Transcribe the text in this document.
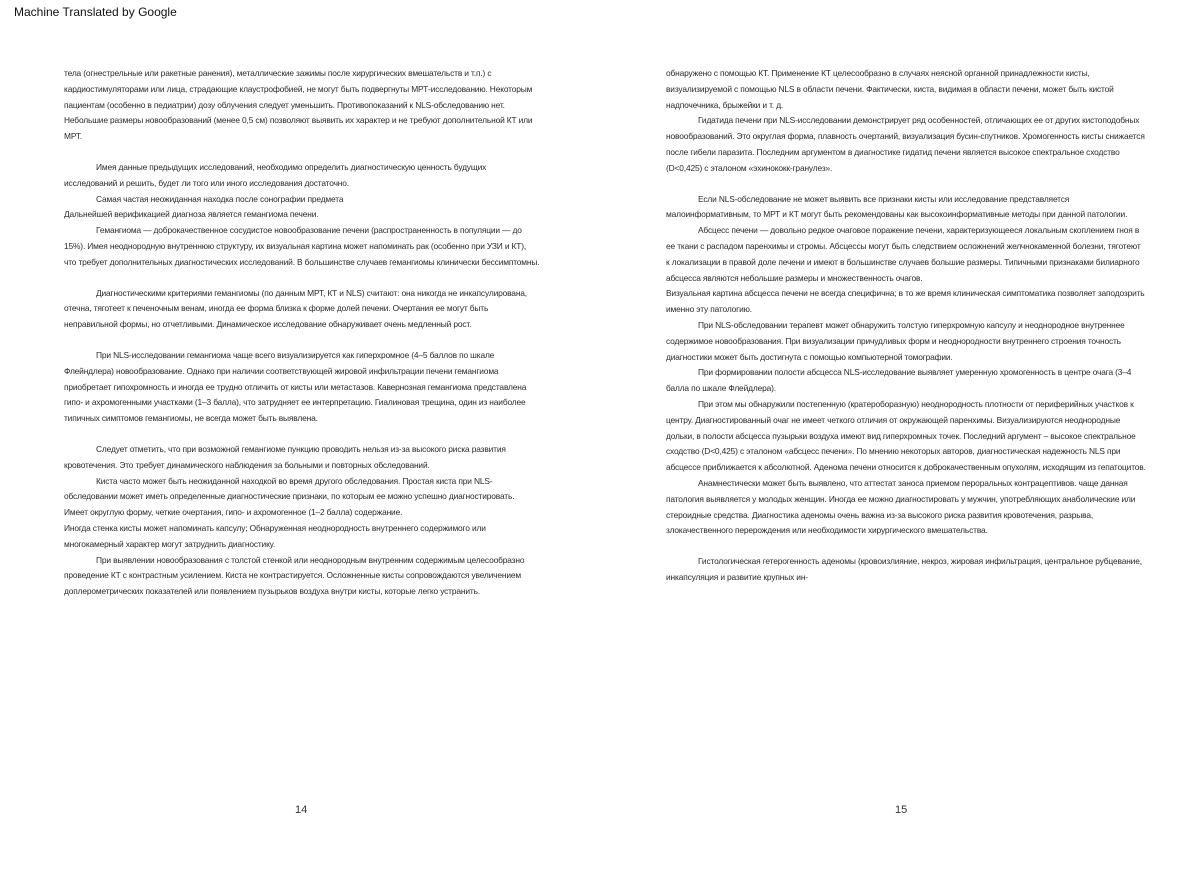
Machine Translated by Google

тела (огнестрельные или ракетные ранения), металлические зажимы после хирургических вмешательств и т.п.) с кардиостимуляторами или лица, страдающие клаустрофобией, не могут быть подвергнуты МРТ-исследованию. Некоторым пациентам (особенно в педиатрии) дозу облучения следует уменьшить. Противопоказаний к NLS-обследованию нет. Небольшие размеры новообразований (менее 0,5 см) позволяют выявить их характер и не требуют дополнительной КТ или МРТ.

Имея данные предыдущих исследований, необходимо определить диагностическую ценность будущих исследований и решить, будет ли того или иного исследования достаточно.

Самая частая неожиданная находка после сонографии предмета

Дальнейшей верификацией диагноза является гемангиома печени.

Гемангиома — доброкачественное сосудистое новообразование печени (распространенность в популяции — до 15%). Имея неоднородную внутреннюю структуру, их визуальная картина может напоминать рак (особенно при УЗИ и КТ), что требует дополнительных диагностических исследований. В большинстве случаев гемангиомы клинически бессимптомны.

Диагностическими критериями гемангиомы (по данным МРТ, КТ и NLS) считают: она никогда не инкапсулирована, отечна, тяготеет к печеночным венам, иногда ее форма близка к форме долей печени. Очертания ее могут быть неправильной формы, но отчетливыми. Динамическое исследование обнаруживает очень медленный рост.

При NLS-исследовании гемангиома чаще всего визуализируется как гиперхромное (4–5 баллов по шкале Флейндлера) новообразование. Однако при наличии соответствующей жировой инфильтрации печени гемангиома приобретает гипохромность и иногда ее трудно отличить от кисты или метастазов. Кавернозная гемангиома представлена гипо- и ахромогенными участками (1–3 балла), что затрудняет ее интерпретацию. Гиалиновая трещина, один из наиболее типичных симптомов гемангиомы, не всегда может быть выявлена.

Следует отметить, что при возможной гемангиоме пункцию проводить нельзя из-за высокого риска развития кровотечения. Это требует динамического наблюдения за больными и повторных обследований.

Киста часто может быть неожиданной находкой во время другого обследования. Простая киста при NLS-обследовании может иметь определенные диагностические признаки, по которым ее можно успешно диагностировать. Имеет округлую форму, четкие очертания, гипо- и ахромогенное (1–2 балла) содержание.

Иногда стенка кисты может напоминать капсулу; Обнаруженная неоднородность внутреннего содержимого или многокамерный характер могут затруднить диагностику.

При выявлении новообразования с толстой стенкой или неоднородным внутренним содержимым целесообразно проведение КТ с контрастным усилением. Киста не контрастируется. Осложненные кисты сопровождаются увеличением доплерометрических показателей или появлением пузырьков воздуха внутри кисты, которые легко устранить.

обнаружено с помощью КТ. Применение КТ целесообразно в случаях неясной органной принадлежности кисты, визуализируемой с помощью NLS в области печени. Фактически, киста, видимая в области печени, может быть кистой надпочечника, брыжейки и т. д.

Гидатида печени при NLS-исследовании демонстрирует ряд особенностей, отличающих ее от других кистоподобных новообразований. Это округлая форма, плавность очертаний, визуализация бусин-спутников. Хромогенность кисты снижается после гибели паразита. Последним аргументом в диагностике гидатид печени является высокое спектральное сходство (D<0,425) с эталоном «эхинококк-гранулез».

Если NLS-обследование не может выявить все признаки кисты или исследование представляется малоинформативным, то МРТ и КТ могут быть рекомендованы как высокоинформативные методы при данной патологии.

Абсцесс печени — довольно редкое очаговое поражение печени, характеризующееся локальным скоплением гноя в ее ткани с распадом паренхимы и стромы. Абсцессы могут быть следствием осложнений желчнокаменной болезни, тяготеют к локализации в правой доле печени и имеют в большинстве случаев большие размеры. Типичными признаками билиарного абсцесса являются небольшие размеры и множественность очагов.

Визуальная картина абсцесса печени не всегда специфична; в то же время клиническая симптоматика позволяет заподозрить именно эту патологию.

При NLS-обследовании терапевт может обнаружить толстую гиперхромную капсулу и неоднородное внутреннее содержимое новообразования. При визуализации причудливых форм и неоднородности внутреннего строения точность диагностики может быть достигнута с помощью компьютерной томографии.

При формировании полости абсцесса NLS-исследование выявляет умеренную хромогенность в центре очага (3–4 балла по шкале Флейдлера).

При этом мы обнаружили постепенную (кратероборазную) неоднородность плотности от периферийных участков к центру. Диагностированный очаг не имеет четкого отличия от окружающей паренхимы. Визуализируются неоднородные дольки, в полости абсцесса пузырьки воздуха имеют вид гиперхромных точек. Последний аргумент – высокое спектральное сходство (D<0,425) с эталоном «абсцесс печени». По мнению некоторых авторов, диагностическая надежность NLS при абсцессе приближается к абсолютной. Аденома печени относится к доброкачественным опухолям, исходящим из гепатоцитов.

Анамнестически может быть выявлено, что аттестат заноса приемом пероральных контрацептивов. чаще данная патология выявляется у молодых женщин. Иногда ее можно диагностировать у мужчин, употребляющих анаболические или стероидные средства. Диагностика аденомы очень важна из-за высокого риска развития кровотечения, разрыва, злокачественного перерождения или необходимости хирургического вмешательства.

Гистологическая гетерогенность аденомы (кровоизлияние, некроз, жировая инфильтрация, центральное рубцевание, инкапсуляция и развитие крупных ин-

14	15
